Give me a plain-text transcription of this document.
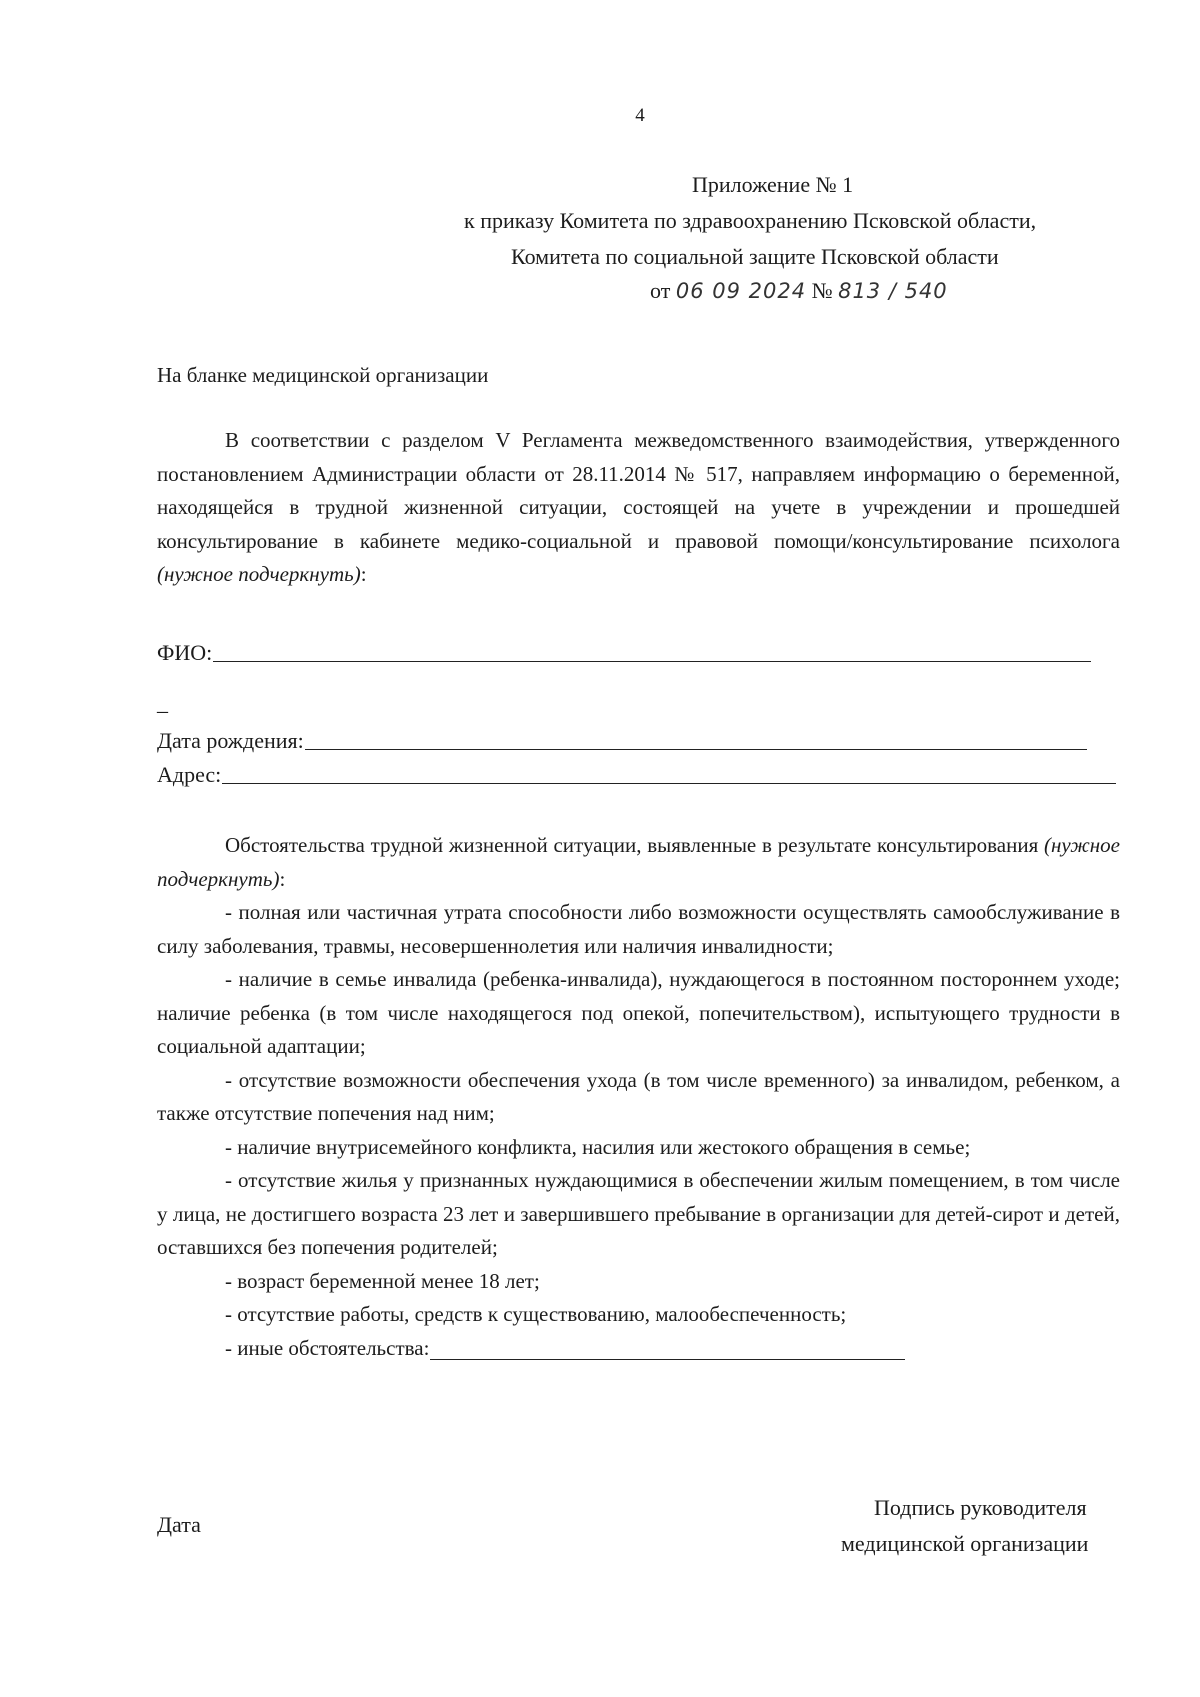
4
Приложение № 1
к приказу Комитета по здравоохранению Псковской области,
Комитета по социальной защите Псковской области
от 06 09 2024 № 813 / 540
На бланке медицинской организации

В соответствии с разделом V Регламента межведомственного взаимодействия, утвержденного постановлением Администрации области от 28.11.2014 № 517, направляем информацию о беременной, находящейся в трудной жизненной ситуации, состоящей на учете в учреждении и прошедшей консультирование в кабинете медико-социальной и правовой помощи/консультирование психолога (нужное подчеркнуть):

ФИО:
_
Дата рождения:
Адрес:

Обстоятельства трудной жизненной ситуации, выявленные в результате консультирования (нужное подчеркнуть):

- полная или частичная утрата способности либо возможности осуществлять самообслуживание в силу заболевания, травмы, несовершеннолетия или наличия инвалидности;

- наличие в семье инвалида (ребенка-инвалида), нуждающегося в постоянном постороннем уходе; наличие ребенка (в том числе находящегося под опекой, попечительством), испытующего трудности в социальной адаптации;

- отсутствие возможности обеспечения ухода (в том числе временного) за инвалидом, ребенком, а также отсутствие попечения над ним;

- наличие внутрисемейного конфликта, насилия или жестокого обращения в семье;

- отсутствие жилья у признанных нуждающимися в обеспечении жилым помещением, в том числе у лица, не достигшего возраста 23 лет и завершившего пребывание в организации для детей-сирот и детей, оставшихся без попечения родителей;

- возраст беременной менее 18 лет;

- отсутствие работы, средств к существованию, малообеспеченность;

- иные обстоятельства:

Дата
Подпись руководителя
медицинской организации
